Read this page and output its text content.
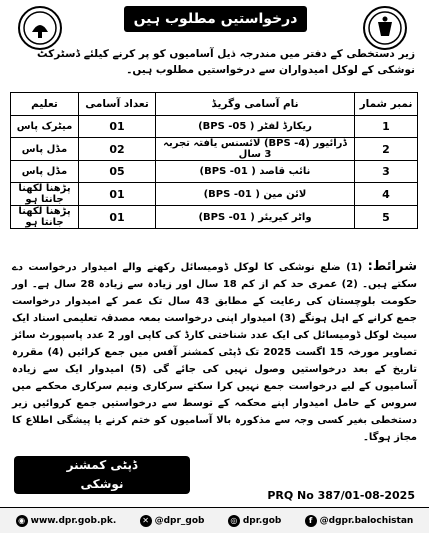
درخواستیں مطلوب ہیں
زیر دستخطی کے دفتر میں مندرجہ ذیل آسامیوں کو پر کرنے کیلئے ڈسٹرکٹ نوشکی کے لوکل امیدواران سے درخواستیں مطلوب ہیں۔
نمبر شمار	نام آسامی وگریڈ	تعداد آسامی	تعلیم
1	ریکارڈ لفٹر (BPS -05 )	01	میٹرک پاس
2	ڈرائیور (BPS -4) لائسنس یافتہ تجربہ 3 سال	02	مڈل پاس
3	نائب قاصد (BPS -01 )	05	مڈل پاس
4	لائن مین (BPS -01 )	01	پڑھنا لکھنا جانتا ہو
5	واٹر کیریئر (BPS -01 )	01	پڑھنا لکھنا جانتا ہو
شرائط: (1) ضلع نوشکی کا لوکل ڈومیسائل رکھنے والے امیدوار درخواست دے سکتے ہیں۔ (2) عمری حد کم از کم 18 سال اور زیادہ سے زیادہ 28 سال ہے۔ اور حکومت بلوچستان کی رعایت کے مطابق 43 سال تک عمر کے امیدوار درخواست جمع کرانے کے اہل ہونگے (3) امیدوار اپنی درخواست بمعہ مصدقہ تعلیمی اسناد ایک سیٹ لوکل ڈومیسائل کی ایک عدد شناختی کارڈ کی کاپی اور 2 عدد پاسپورٹ سائز تصاویر مورخہ 15 اگست 2025 تک ڈپٹی کمشنر آفس میں جمع کرائیں (4) مقررہ تاریخ کے بعد درخواستیں وصول نہیں کی جائے گی (5) امیدوار ایک سے زیادہ آسامیوں کے لیے درخواست جمع نہیں کرا سکتے سرکاری ونیم سرکاری محکمے میں سروس کے حامل امیدوار اپنے محکمہ کے توسط سے درخواستیں جمع کروائیں زیر دستخطی بغیر کسی وجہ سے مذکورہ بالا آسامیوں کو ختم کرنے یا پیشگی اطلاع کا مجاز ہوگا۔
ڈپٹی کمشنر
نوشکی
PRQ No 387/01-08-2025
◉ www.dpr.gob.pk.	✕ @dpr_gob	◎ dpr.gob	f @dgpr.balochistan
